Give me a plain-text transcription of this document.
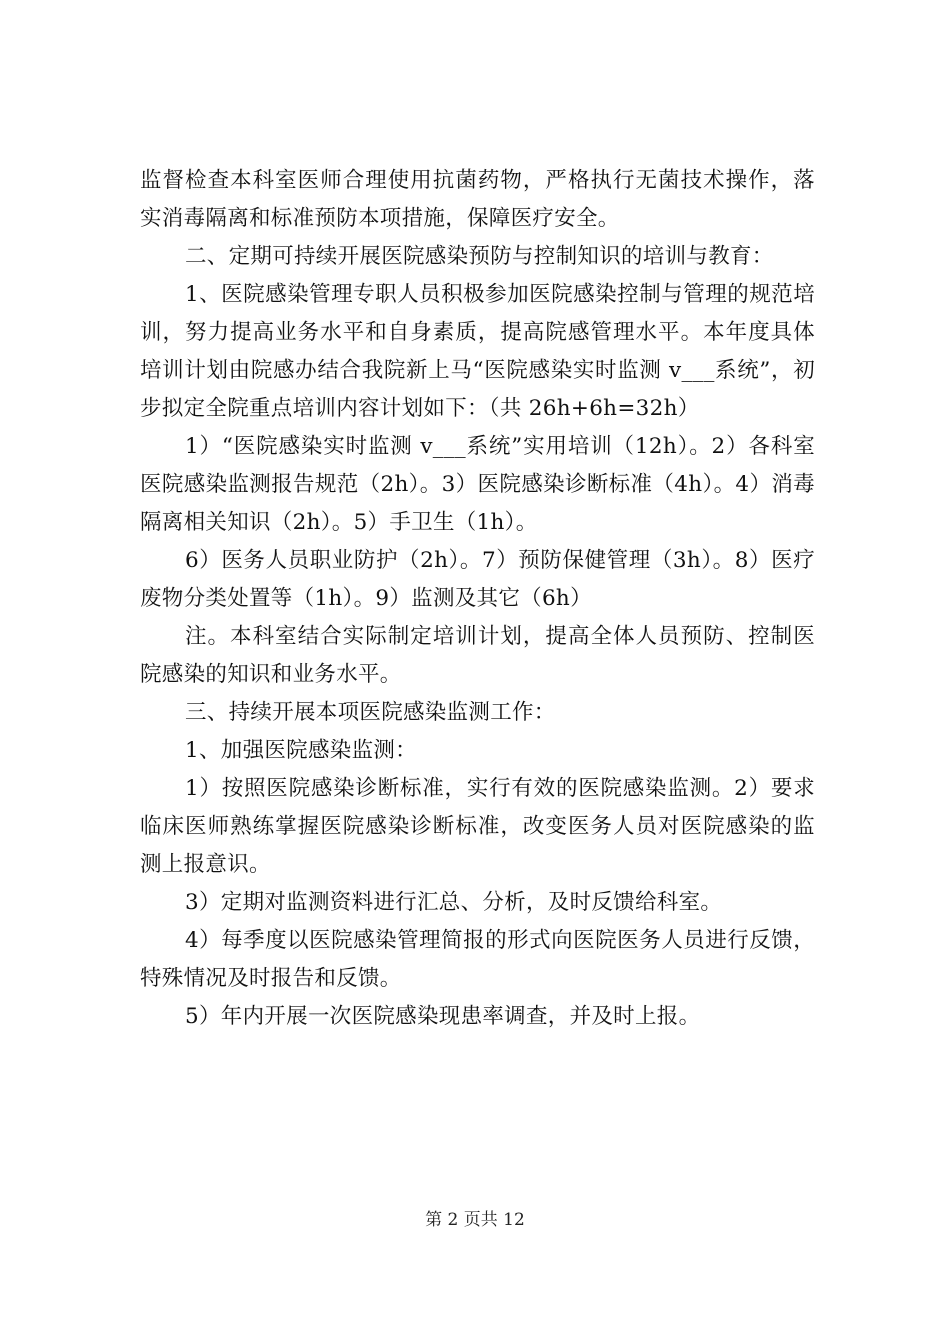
监督检查本科室医师合理使用抗菌药物，严格执行无菌技术操作，落实消毒隔离和标准预防本项措施，保障医疗安全。

二、定期可持续开展医院感染预防与控制知识的培训与教育：

1、医院感染管理专职人员积极参加医院感染控制与管理的规范培训，努力提高业务水平和自身素质，提高院感管理水平。本年度具体培训计划由院感办结合我院新上马“医院感染实时监测 v___系统”，初步拟定全院重点培训内容计划如下：（共 26h+6h=32h）

1）“医院感染实时监测 v___系统”实用培训（12h）。2）各科室医院感染监测报告规范（2h）。3）医院感染诊断标准（4h）。4）消毒隔离相关知识（2h）。5）手卫生（1h）。

6）医务人员职业防护（2h）。7）预防保健管理（3h）。8）医疗废物分类处置等（1h）。9）监测及其它（6h）

注。本科室结合实际制定培训计划，提高全体人员预防、控制医院感染的知识和业务水平。

三、持续开展本项医院感染监测工作：

1、加强医院感染监测：

1）按照医院感染诊断标准，实行有效的医院感染监测。2）要求临床医师熟练掌握医院感染诊断标准，改变医务人员对医院感染的监测上报意识。

3）定期对监测资料进行汇总、分析，及时反馈给科室。

4）每季度以医院感染管理简报的形式向医院医务人员进行反馈，特殊情况及时报告和反馈。

5）年内开展一次医院感染现患率调查，并及时上报。

第 2 页共 12
